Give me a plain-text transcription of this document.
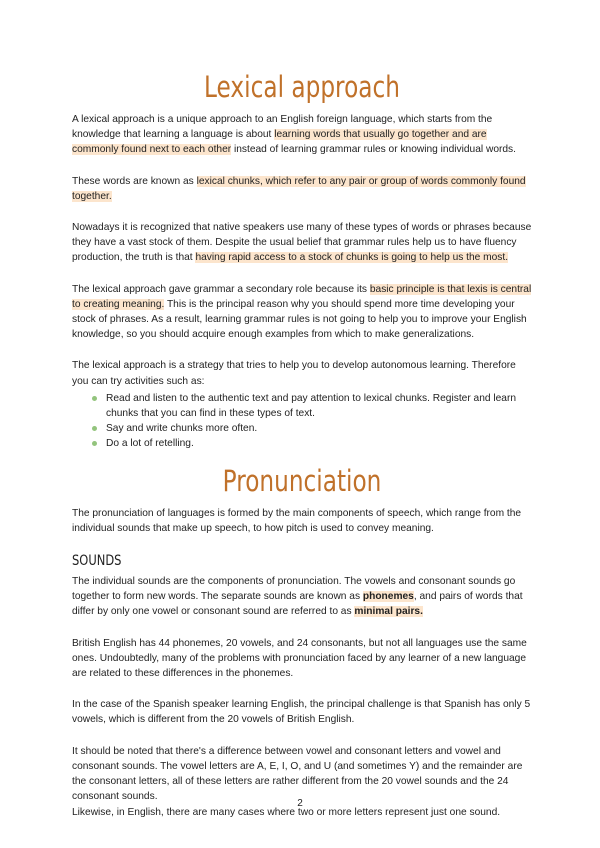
Lexical approach

A lexical approach is a unique approach to an English foreign language, which starts from the knowledge that learning a language is about learning words that usually go together and are commonly found next to each other instead of learning grammar rules or knowing individual words.

These words are known as lexical chunks, which refer to any pair or group of words commonly found together.

Nowadays it is recognized that native speakers use many of these types of words or phrases because they have a vast stock of them. Despite the usual belief that grammar rules help us to have fluency production, the truth is that having rapid access to a stock of chunks is going to help us the most.

The lexical approach gave grammar a secondary role because its basic principle is that lexis is central to creating meaning. This is the principal reason why you should spend more time developing your stock of phrases. As a result, learning grammar rules is not going to help you to improve your English knowledge, so you should acquire enough examples from which to make generalizations.

The lexical approach is a strategy that tries to help you to develop autonomous learning. Therefore you can try activities such as:

Read and listen to the authentic text and pay attention to lexical chunks. Register and learn chunks that you can find in these types of text.
Say and write chunks more often.
Do a lot of retelling.
Pronunciation

The pronunciation of languages is formed by the main components of speech, which range from the individual sounds that make up speech, to how pitch is used to convey meaning.

SOUNDS

The individual sounds are the components of pronunciation. The vowels and consonant sounds go together to form new words. The separate sounds are known as phonemes, and pairs of words that differ by only one vowel or consonant sound are referred to as minimal pairs.

British English has 44 phonemes, 20 vowels, and 24 consonants, but not all languages use the same ones. Undoubtedly, many of the problems with pronunciation faced by any learner of a new language are related to these differences in the phonemes.

In the case of the Spanish speaker learning English, the principal challenge is that Spanish has only 5 vowels, which is different from the 20 vowels of British English.

It should be noted that there's a difference between vowel and consonant letters and vowel and consonant sounds. The vowel letters are A, E, I, O, and U (and sometimes Y) and the remainder are the consonant letters, all of these letters are rather different from the 20 vowel sounds and the 24 consonant sounds.

Likewise, in English, there are many cases where two or more letters represent just one sound.

2
